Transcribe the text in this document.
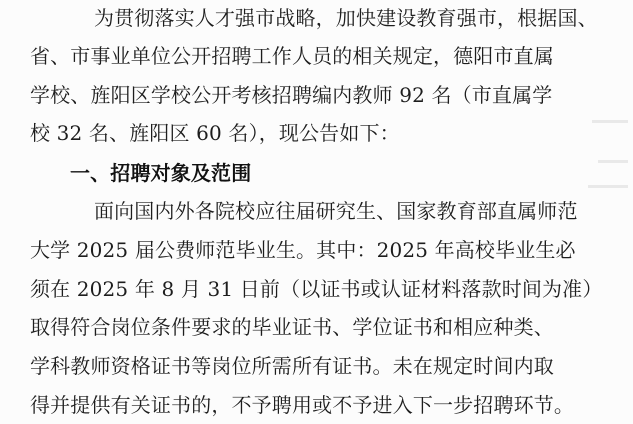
为贯彻落实人才强市战略，加快建设教育强市，根据国、
省、市事业单位公开招聘工作人员的相关规定，德阳市直属
学校、旌阳区学校公开考核招聘编内教师 92 名（市直属学
校 32 名、旌阳区 60 名），现公告如下：
一、招聘对象及范围
面向国内外各院校应往届研究生、国家教育部直属师范
大学 2025 届公费师范毕业生。其中：2025 年高校毕业生必
须在 2025 年 8 月 31 日前（以证书或认证材料落款时间为准）
取得符合岗位条件要求的毕业证书、学位证书和相应种类、
学科教师资格证书等岗位所需所有证书。未在规定时间内取
得并提供有关证书的，不予聘用或不予进入下一步招聘环节。
